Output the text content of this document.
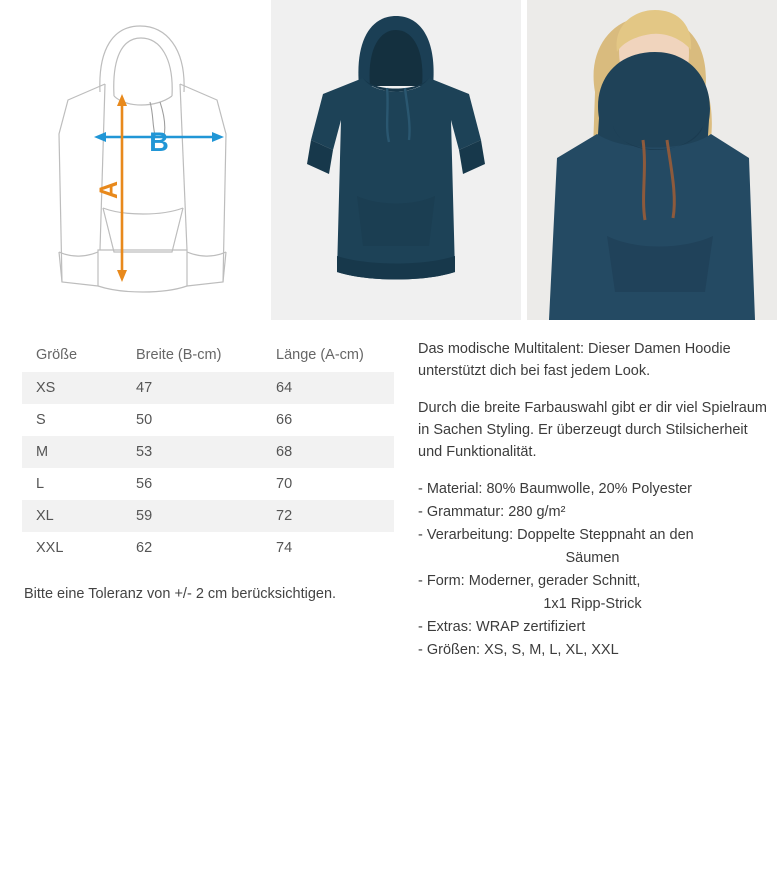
B
A
Größe	Breite (B-cm)	Länge (A-cm)
XS	47	64
S	50	66
M	53	68
L	56	70
XL	59	72
XXL	62	74
Bitte eine Toleranz von +/- 2 cm berücksichtigen.

Das modische Multitalent: Dieser Damen Hoodie unterstützt dich bei fast jedem Look.

Durch die breite Farbauswahl gibt er dir viel Spielraum in Sachen Styling. Er überzeugt durch Stilsicherheit und Funktionalität.

- Material: 80% Baumwolle, 20% Polyester
- Grammatur: 280 g/m²
- Verarbeitung: Doppelte Steppnaht an den
Säumen
- Form: Moderner, gerader Schnitt,
1x1 Ripp-Strick
- Extras: WRAP zertifiziert
- Größen: XS, S, M, L, XL, XXL
